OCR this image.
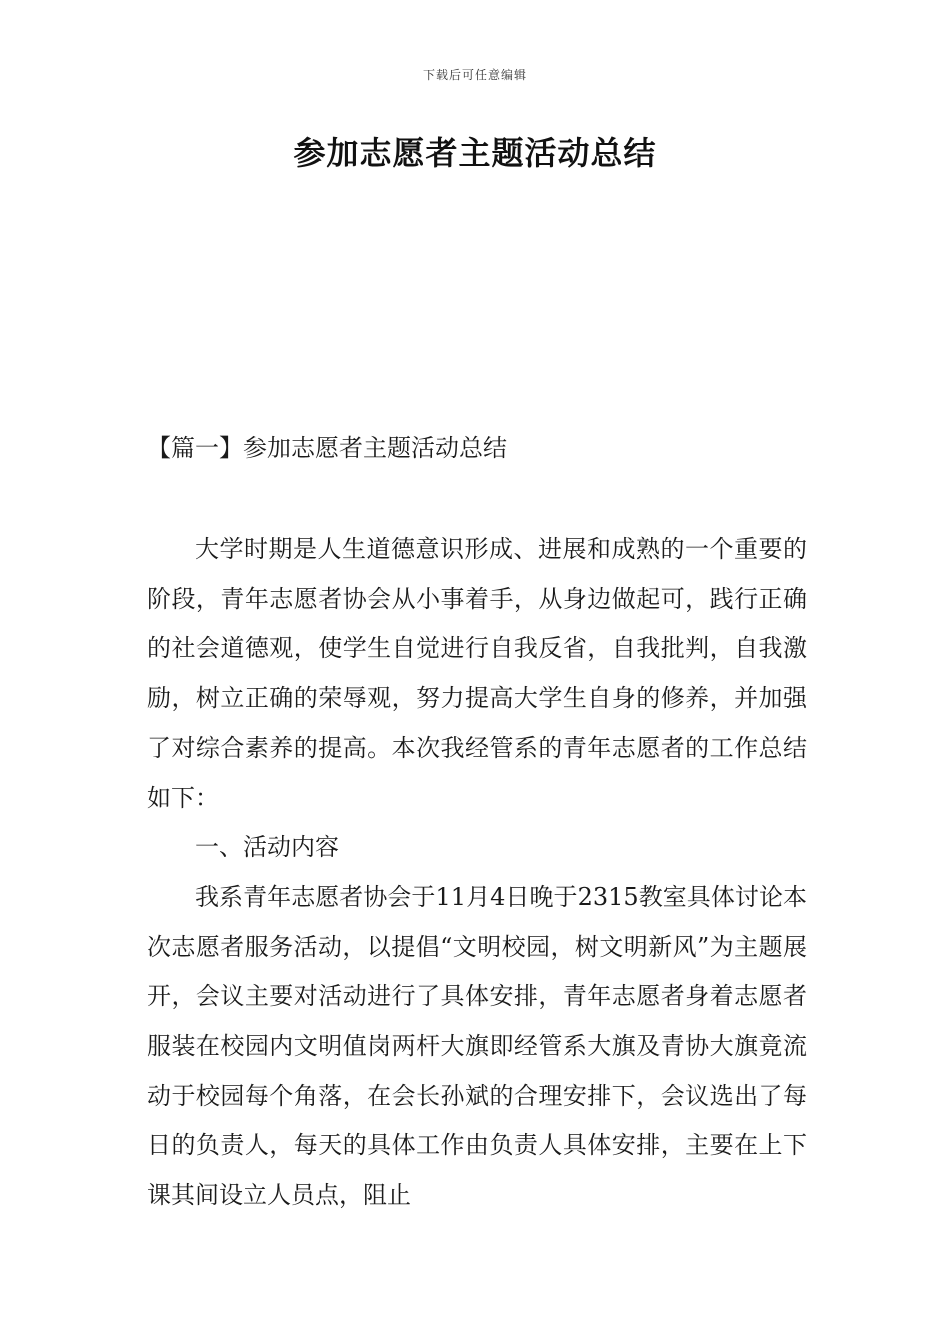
下载后可任意编辑
参加志愿者主题活动总结
【篇一】参加志愿者主题活动总结

大学时期是人生道德意识形成、进展和成熟的一个重要的阶段，青年志愿者协会从小事着手，从身边做起可，践行正确的社会道德观，使学生自觉进行自我反省，自我批判，自我激励，树立正确的荣辱观，努力提高大学生自身的修养，并加强了对综合素养的提高。本次我经管系的青年志愿者的工作总结如下：

一、活动内容

我系青年志愿者协会于11月4日晚于2315教室具体讨论本次志愿者服务活动，以提倡“文明校园，树文明新风”为主题展开，会议主要对活动进行了具体安排，青年志愿者身着志愿者服装在校园内文明值岗两杆大旗即经管系大旗及青协大旗竟流动于校园每个角落，在会长孙斌的合理安排下，会议选出了每日的负责人，每天的具体工作由负责人具体安排，主要在上下课其间设立人员点，阻止
